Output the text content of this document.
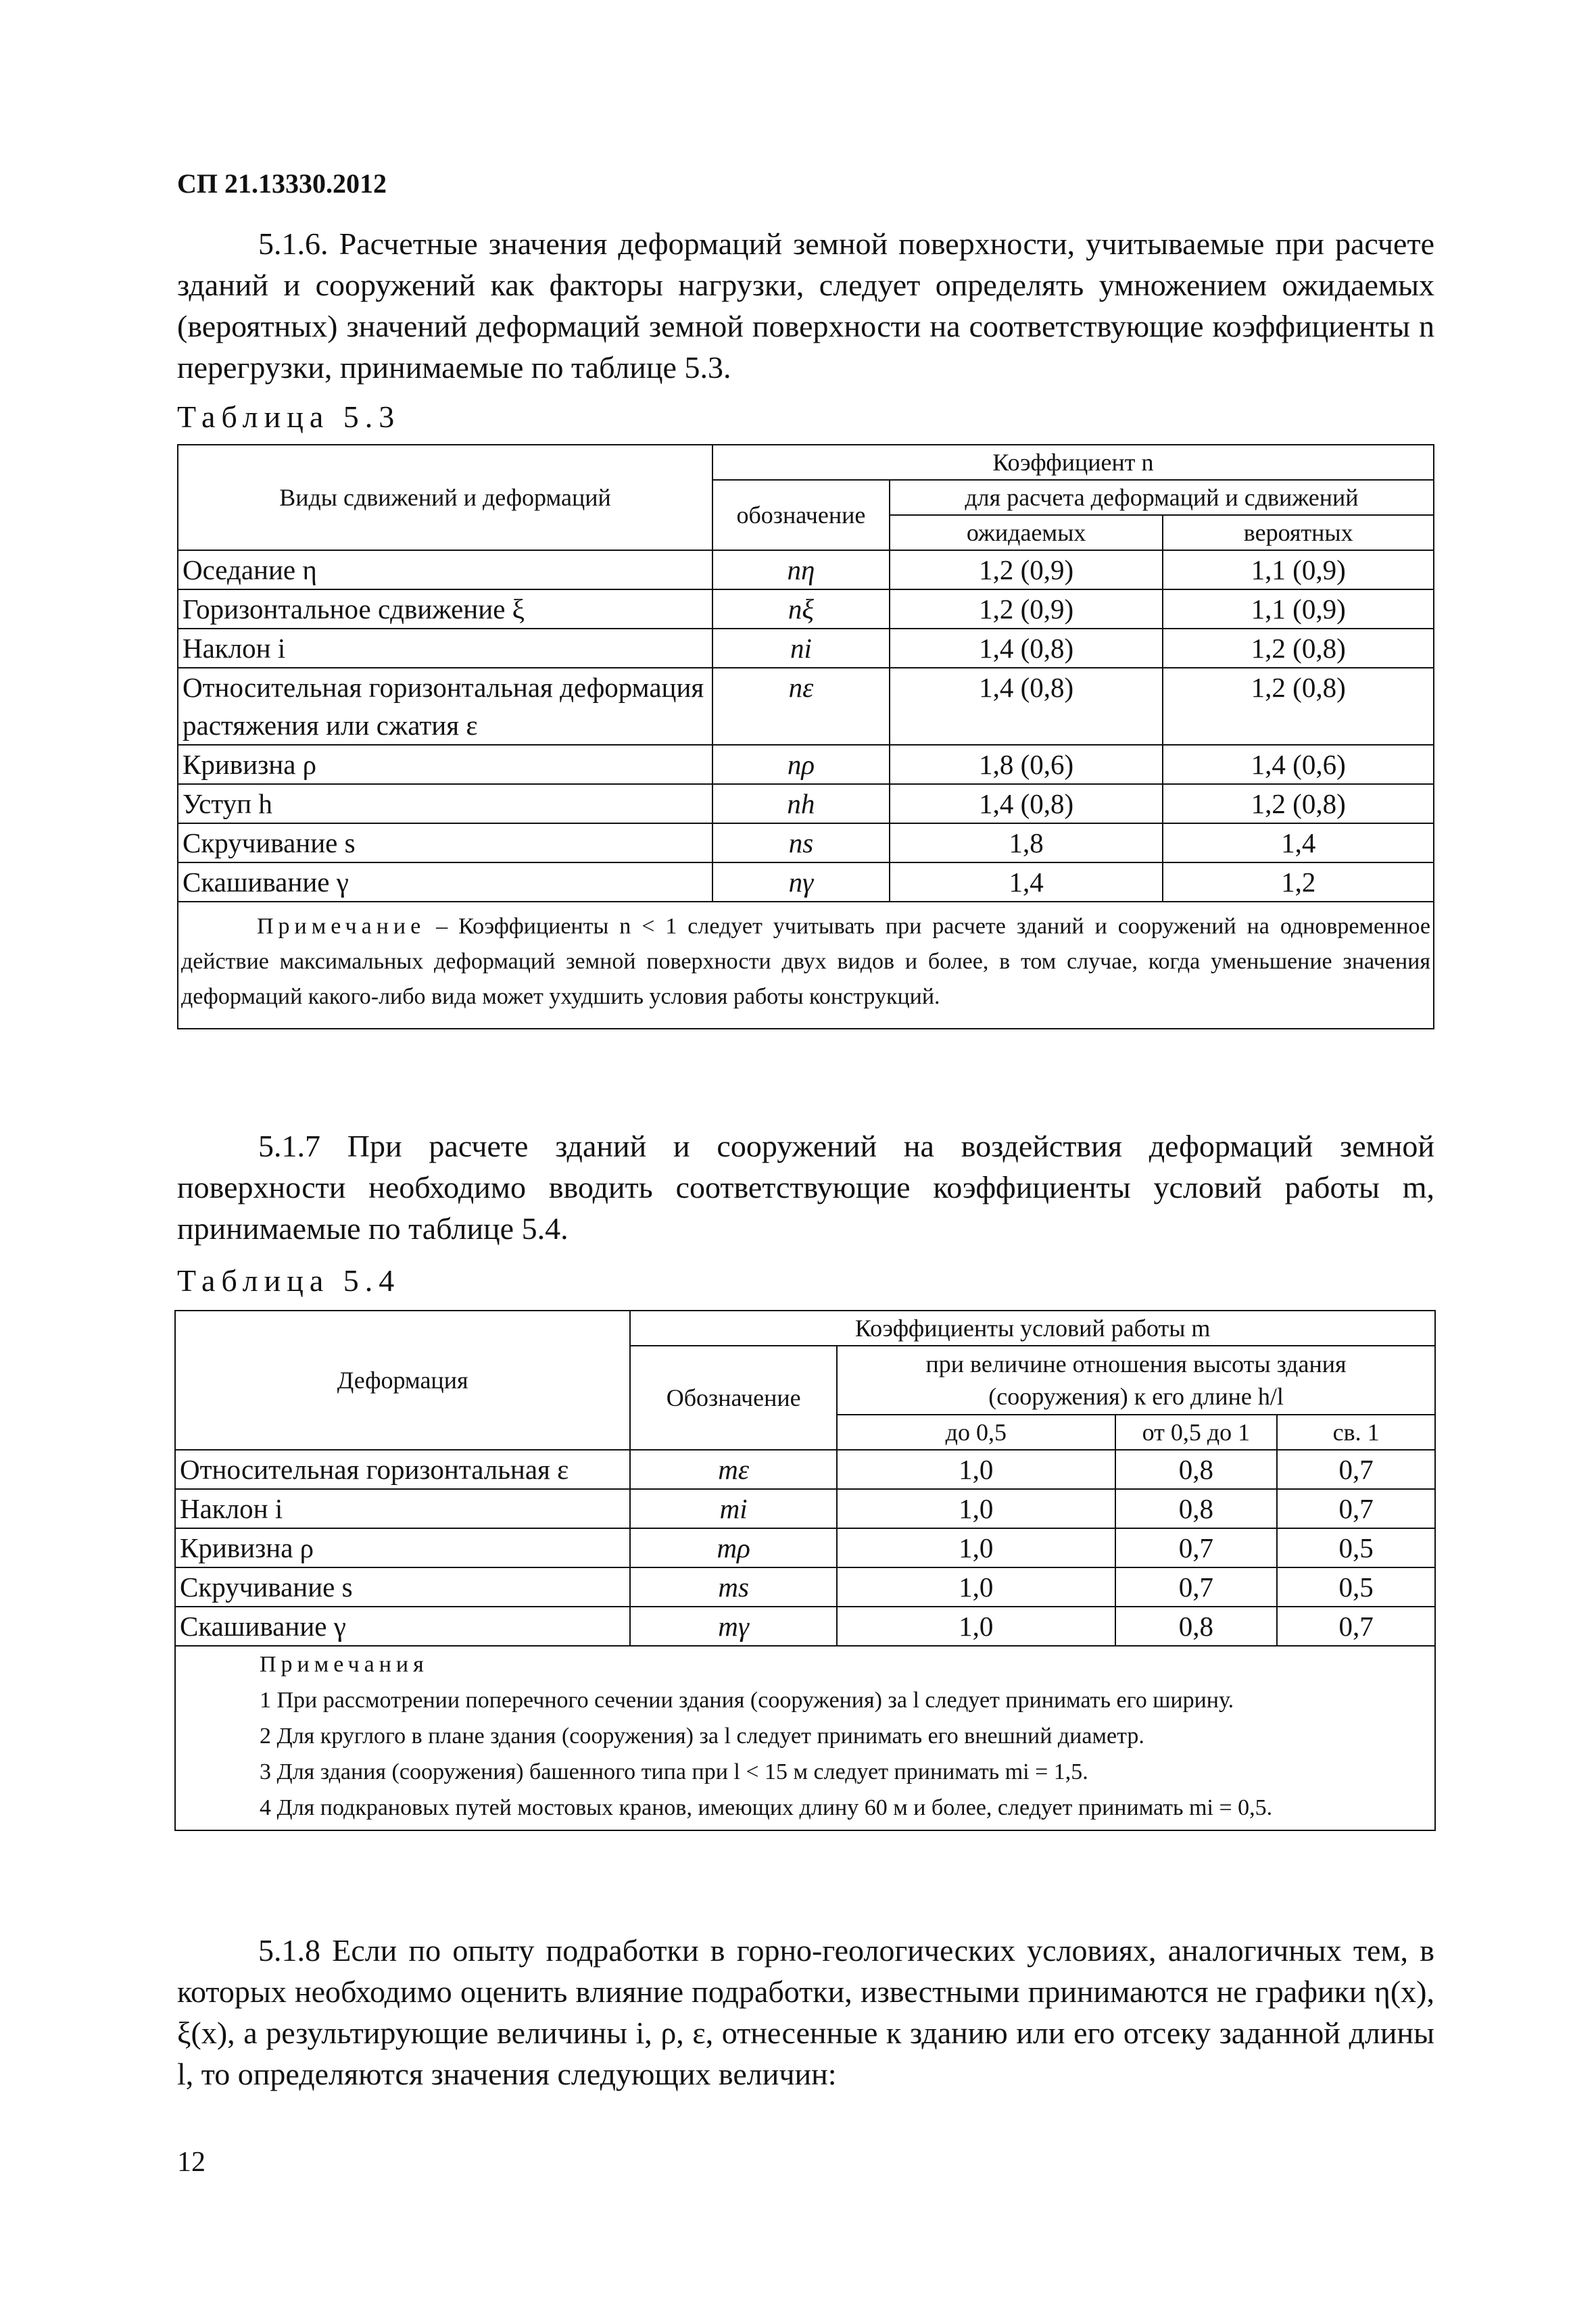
СП 21.13330.2012
5.1.6. Расчетные значения деформаций земной поверхности, учитываемые при расчете зданий и сооружений как факторы нагрузки, следует определять умножением ожидаемых (вероятных) значений деформаций земной поверхности на соответствующие коэффициенты n перегрузки, принимаемые по таблице 5.3.
Таблица 5.3
Виды сдвижений и деформаций	Коэффициент n		
	обозначение	для расчета деформаций и сдвижений	
		ожидаемых	вероятных
Оседание η	nη	1,2 (0,9)	1,1 (0,9)
Горизонтальное сдвижение ξ	nξ	1,2 (0,9)	1,1 (0,9)
Наклон i	ni	1,4 (0,8)	1,2 (0,8)
Относительная горизонтальная деформация растяжения или сжатия ε	nε	1,4 (0,8)	1,2 (0,8)
Кривизна ρ	nρ	1,8 (0,6)	1,4 (0,6)
Уступ h	nh	1,4 (0,8)	1,2 (0,8)
Скручивание s	ns	1,8	1,4
Скашивание γ	nγ	1,4	1,2
Примечание – Коэффициенты n < 1 следует учитывать при расчете зданий и сооружений на одновременное действие максимальных деформаций земной поверхности двух видов и более, в том случае, когда уменьшение значения деформаций какого-либо вида может ухудшить условия работы конструкций.			
5.1.7 При расчете зданий и сооружений на воздействия деформаций земной поверхности необходимо вводить соответствующие коэффициенты условий работы m, принимаемые по таблице 5.4.
Таблица 5.4
Деформация	Коэффициенты условий работы m			
	Обозначение	при величине отношения высоты здания (сооружения) к его длине h/l		
		до 0,5	от 0,5 до 1	св. 1
Относительная горизонтальная ε	mε	1,0	0,8	0,7
Наклон i	mi	1,0	0,8	0,7
Кривизна ρ	mρ	1,0	0,7	0,5
Скручивание s	ms	1,0	0,7	0,5
Скашивание γ	mγ	1,0	0,8	0,7

Примечания
1 При рассмотрении поперечного сечении здания (сооружения) за l следует принимать его ширину.
2 Для круглого в плане здания (сооружения) за l следует принимать его внешний диаметр.
3 Для здания (сооружения) башенного типа при l < 15 м следует принимать mi = 1,5.
4 Для подкрановых путей мостовых кранов, имеющих длину 60 м и более, следует принимать mi = 0,5.				
5.1.8 Если по опыту подработки в горно-геологических условиях, аналогичных тем, в которых необходимо оценить влияние подработки, известными принимаются не графики η(x), ξ(x), а результирующие величины i, ρ, ε, отнесенные к зданию или его отсеку заданной длины l, то определяются значения следующих величин:
12
